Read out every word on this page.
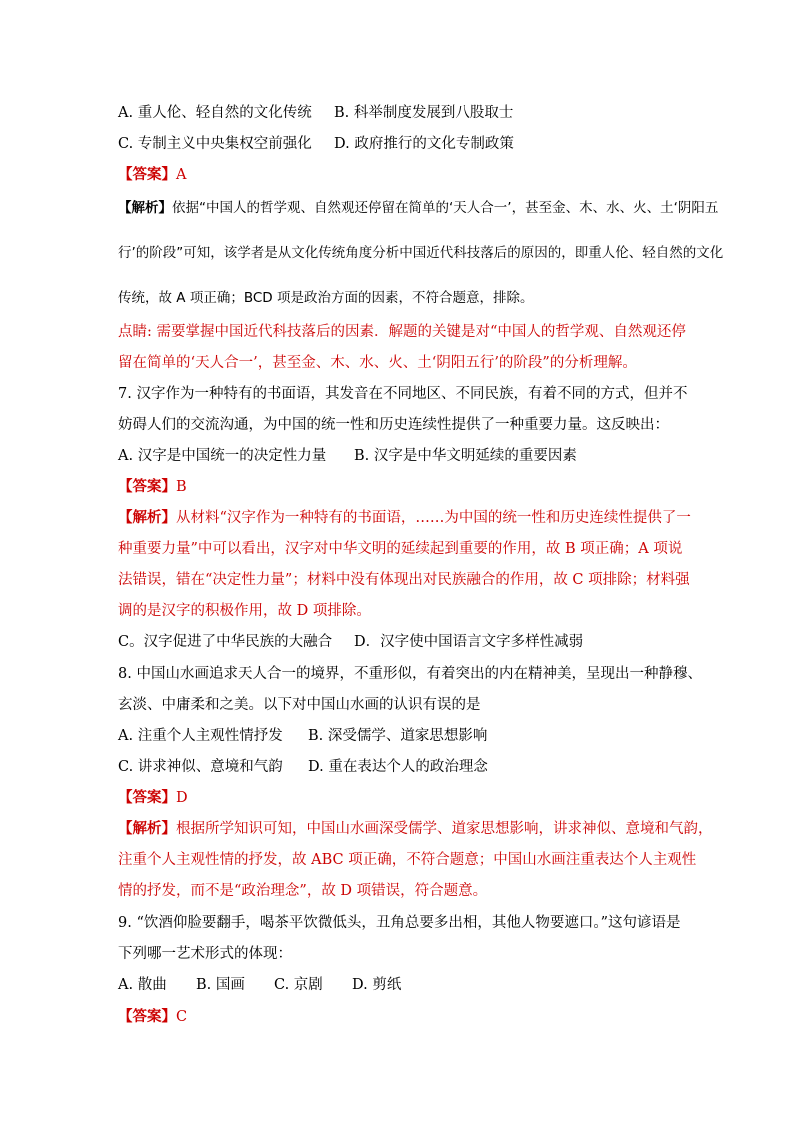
A. 重人伦、轻自然的文化传统 B. 科举制度发展到八股取士
C. 专制主义中央集权空前强化 D. 政府推行的文化专制政策
【答案】A
【解析】依据“中国人的哲学观、自然观还停留在简单的‘天人合一’，甚至金、木、水、火、土‘阴阳五
行’的阶段”可知，该学者是从文化传统角度分析中国近代科技落后的原因的，即重人伦、轻自然的文化
传统，故 A 项正确；BCD 项是政治方面的因素，不符合题意，排除。
点睛: 需要掌握中国近代科技落后的因素．解题的关键是对“中国人的哲学观、自然观还停
留在简单的‘天人合一’，甚至金、木、水、火、土‘阴阳五行’的阶段”的分析理解。
7. 汉字作为一种特有的书面语，其发音在不同地区、不同民族，有着不同的方式，但并不
妨碍人们的交流沟通，为中国的统一性和历史连续性提供了一种重要力量。这反映出：
A. 汉字是中国统一的决定性力量 B. 汉字是中华文明延续的重要因素
【答案】B
【解析】从材料“汉字作为一种特有的书面语，……为中国的统一性和历史连续性提供了一
种重要力量”中可以看出，汉字对中华文明的延续起到重要的作用，故 B 项正确；A 项说
法错误，错在“决定性力量”；材料中没有体现出对民族融合的作用，故 C 项排除；材料强
调的是汉字的积极作用，故 D 项排除。
C。汉字促进了中华民族的大融合 D．汉字使中国语言文字多样性减弱
8. 中国山水画追求天人合一的境界，不重形似，有着突出的内在精神美，呈现出一种静穆、
玄淡、中庸柔和之美。以下对中国山水画的认识有误的是
A. 注重个人主观性情抒发 B. 深受儒学、道家思想影响
C. 讲求神似、意境和气韵 D. 重在表达个人的政治理念
【答案】D
【解析】根据所学知识可知，中国山水画深受儒学、道家思想影响，讲求神似、意境和气韵，
注重个人主观性情的抒发，故 ABC 项正确，不符合题意；中国山水画注重表达个人主观性
情的抒发，而不是“政治理念”，故 D 项错误，符合题意。
9. “饮酒仰脸要翻手，喝茶平饮微低头，丑角总要多出相，其他人物要遮口。”这句谚语是
下列哪一艺术形式的体现：
A. 散曲 B. 国画 C. 京剧 D. 剪纸
【答案】C
